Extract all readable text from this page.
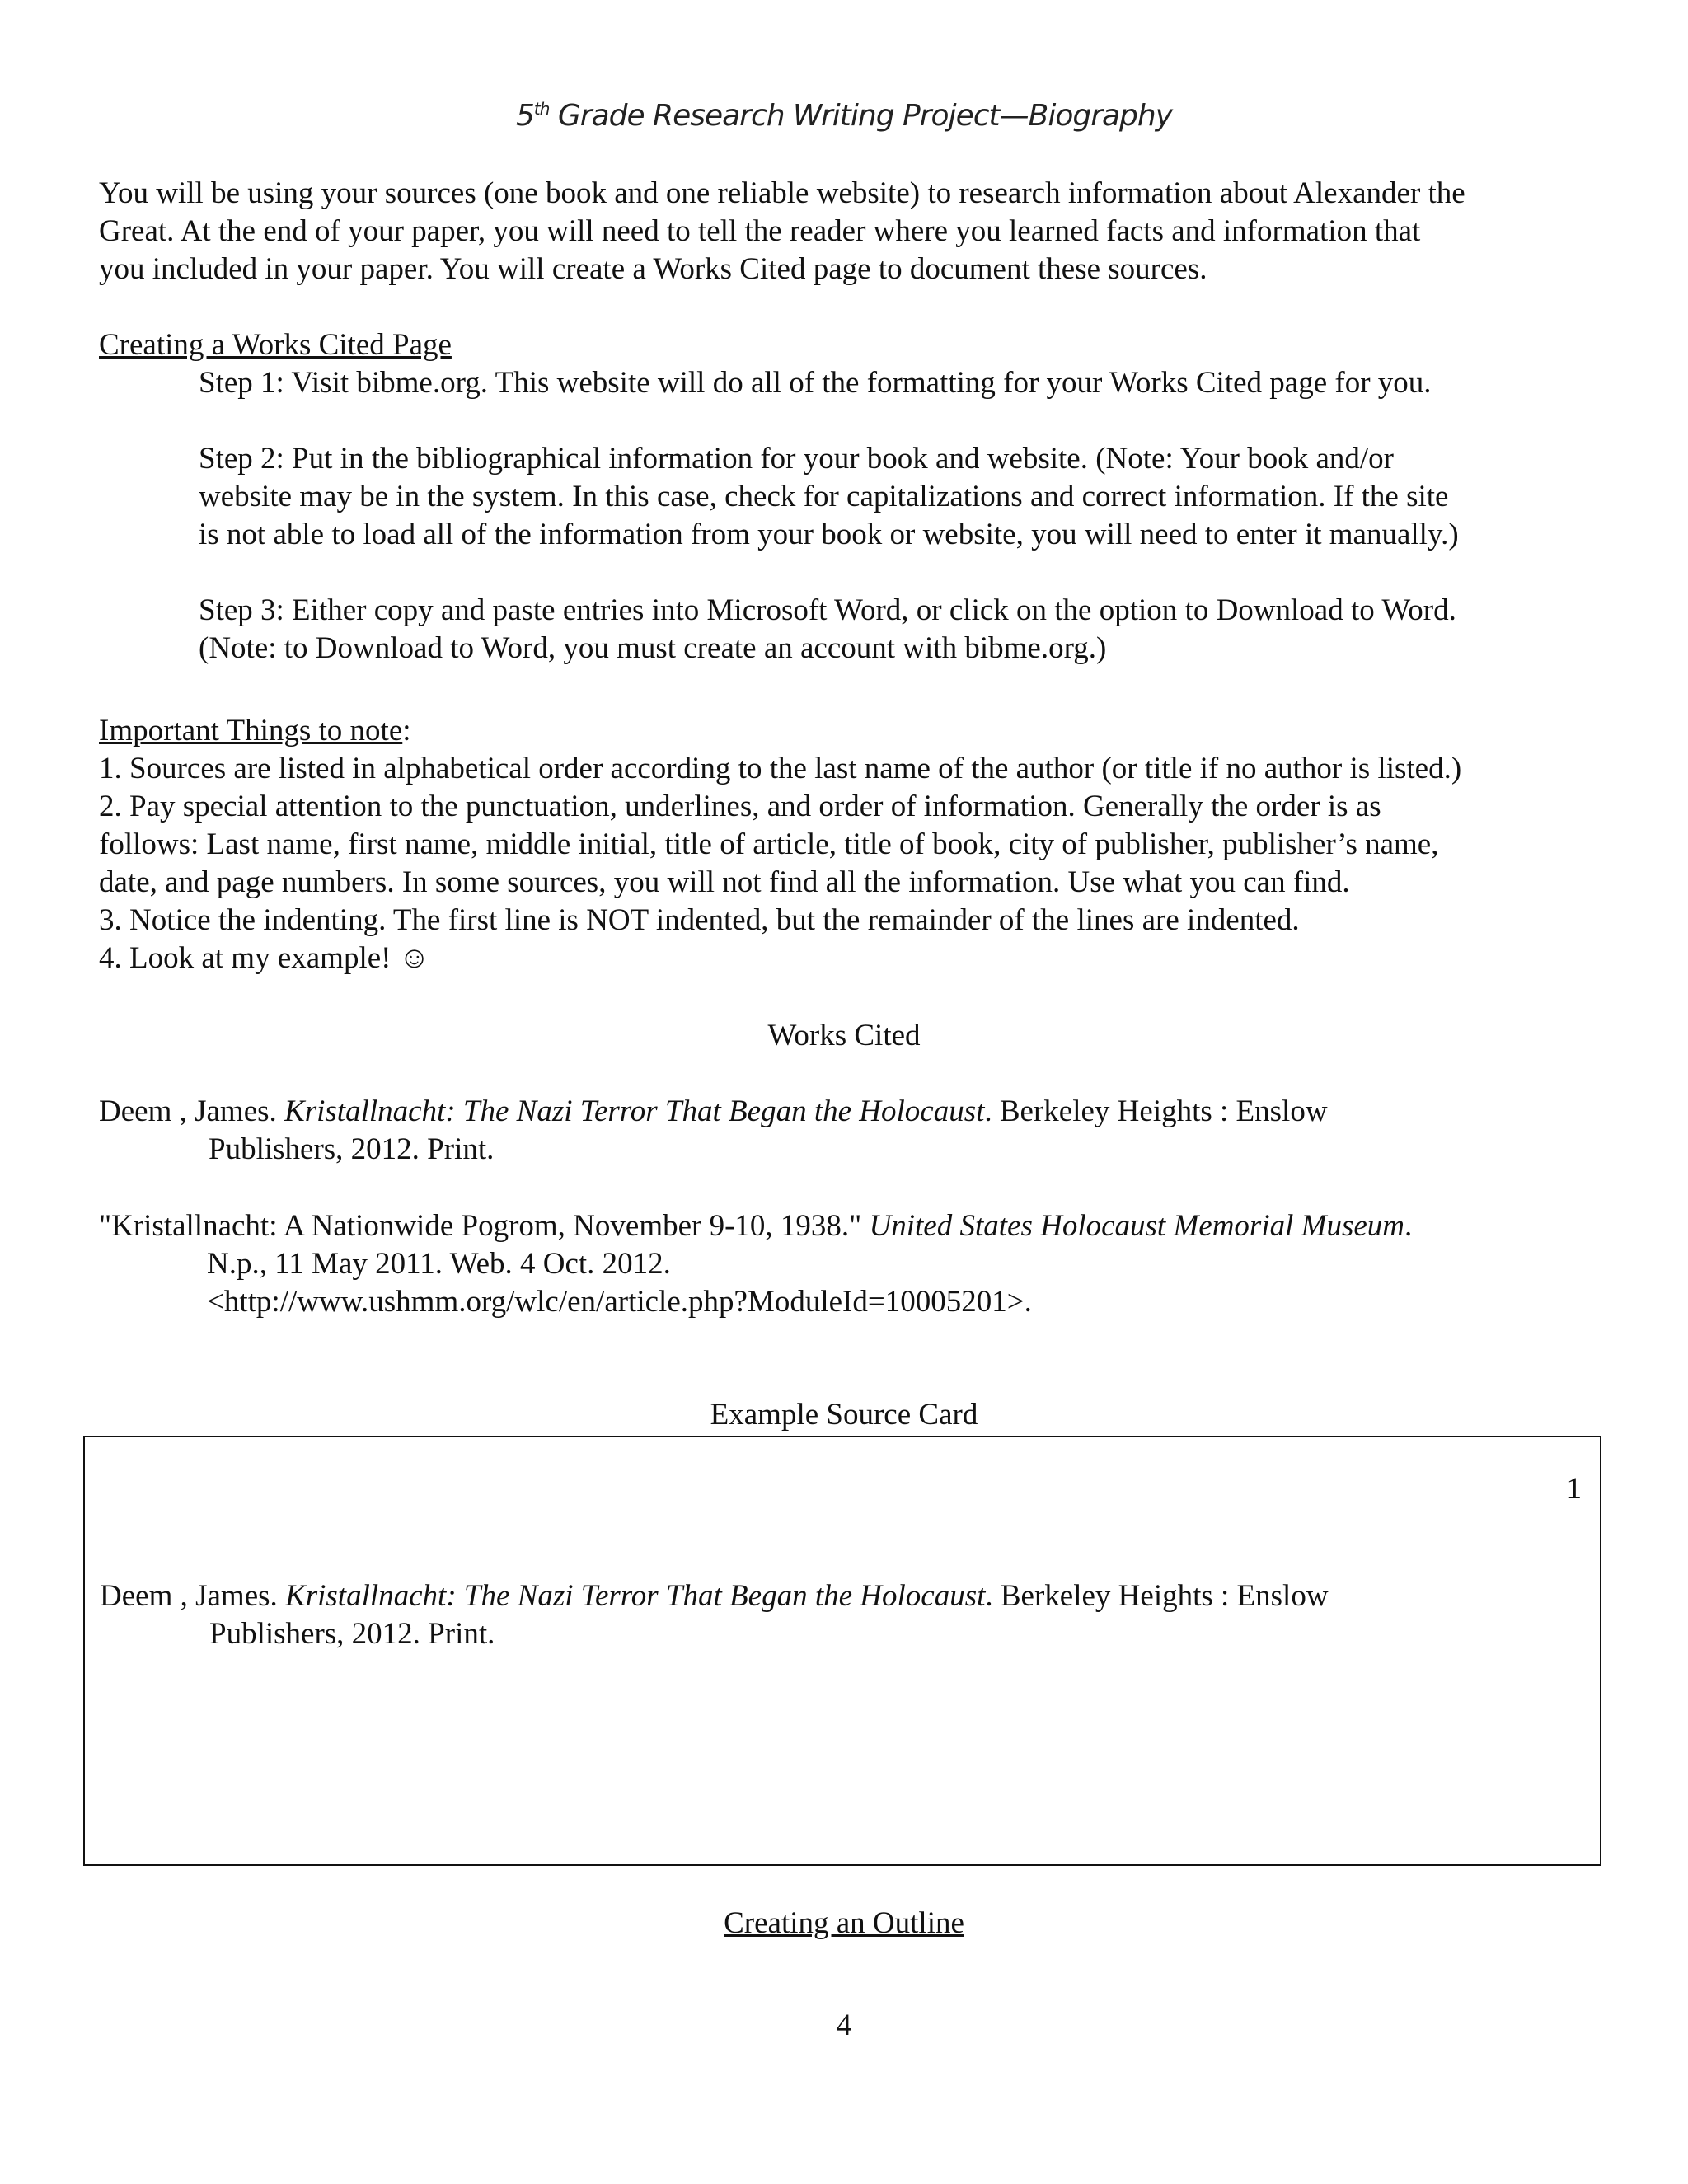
5th Grade Research Writing Project—Biography
You will be using your sources (one book and one reliable website) to research information about Alexander the
Great. At the end of your paper, you will need to tell the reader where you learned facts and information that
you included in your paper. You will create a Works Cited page to document these sources.
Creating a Works Cited Page
Step 1: Visit bibme.org. This website will do all of the formatting for your Works Cited page for you.
Step 2: Put in the bibliographical information for your book and website. (Note: Your book and/or
website may be in the system. In this case, check for capitalizations and correct information. If the site
is not able to load all of the information from your book or website, you will need to enter it manually.)
Step 3: Either copy and paste entries into Microsoft Word, or click on the option to Download to Word.
(Note: to Download to Word, you must create an account with bibme.org.)
Important Things to note:
1. Sources are listed in alphabetical order according to the last name of the author (or title if no author is listed.)
2. Pay special attention to the punctuation, underlines, and order of information. Generally the order is as
follows: Last name, first name, middle initial, title of article, title of book, city of publisher, publisher’s name,
date, and page numbers. In some sources, you will not find all the information. Use what you can find.
3. Notice the indenting. The first line is NOT indented, but the remainder of the lines are indented.
4. Look at my example! ☺
Works Cited
Deem , James. Kristallnacht: The Nazi Terror That Began the Holocaust. Berkeley Heights : Enslow
Publishers, 2012. Print.
"Kristallnacht: A Nationwide Pogrom, November 9-10, 1938." United States Holocaust Memorial Museum.
N.p., 11 May 2011. Web. 4 Oct. 2012.
<http://www.ushmm.org/wlc/en/article.php?ModuleId=10005201>.
Example Source Card
1
Deem , James. Kristallnacht: The Nazi Terror That Began the Holocaust. Berkeley Heights : Enslow
Publishers, 2012. Print.
Creating an Outline
4
